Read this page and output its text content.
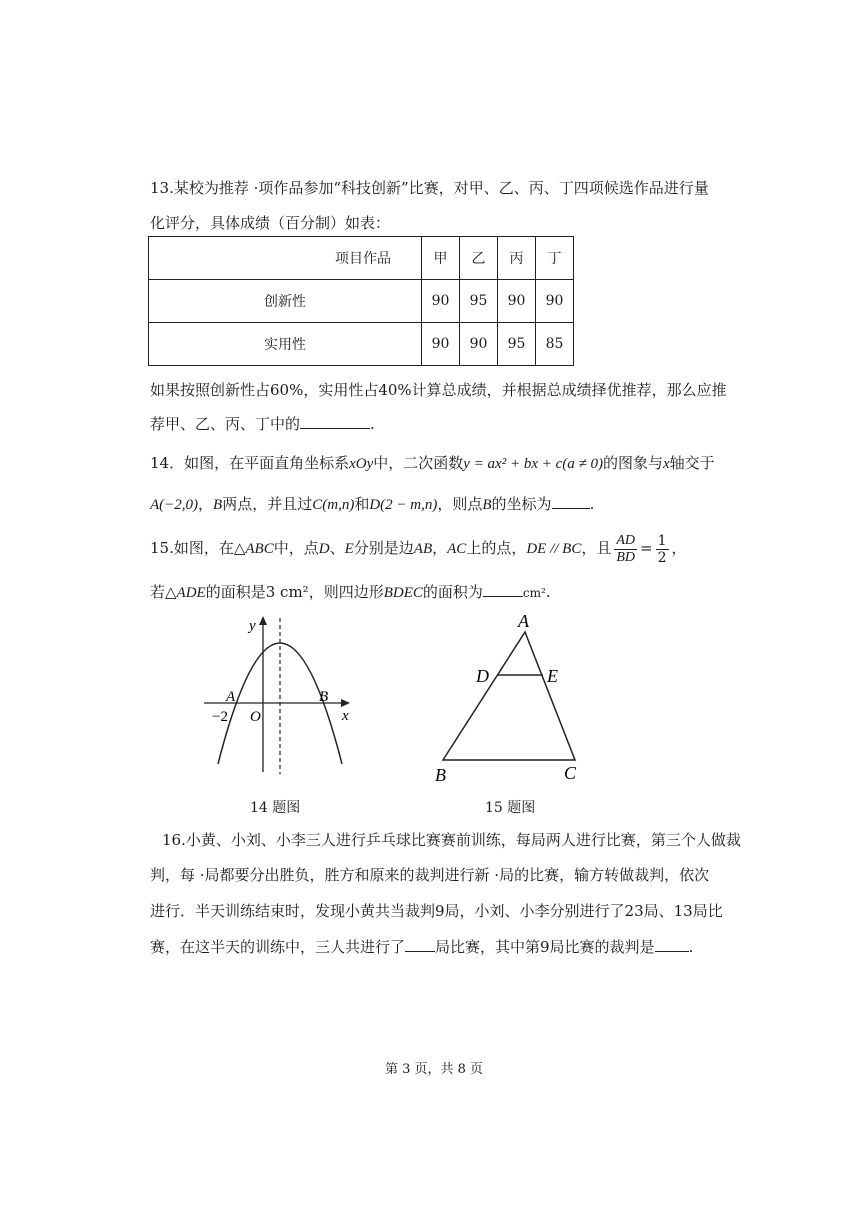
13.某校为推荐 ·项作品参加“科技创新”比赛，对甲、乙、丙、丁四项候选作品进行量
化评分，具体成绩（百分制）如表：
项目作品	甲	乙	丙	丁
创新性	90	95	90	90
实用性	90	90	95	85
如果按照创新性占60%，实用性占40%计算总成绩，并根据总成绩择优推荐，那么应推
荐甲、乙、丙、丁中的	.
14．如图，在平面直角坐标系xOy中，二次函数y = ax² + bx + c(a ≠ 0)的图象与x轴交于
A(−2,0)，B两点，并且过C(m,n)和D(2 − m,n)，则点B的坐标为	.
15.如图，在△ABC中，点D、E分别是边AB，AC上的点，DE // BC，且 $\frac{AD}{BD} = \frac{1}{2}$ ，
若△ADE的面积是3 cm²，则四边形BDEC的面积为	cm².
y
x
A	B
O
−2
14 题图
A
B	C
D	E
15 题图
16.小黄、小刘、小李三人进行乒乓球比赛赛前训练，每局两人进行比赛，第三个人做裁
判，每 ·局都要分出胜负，胜方和原来的裁判进行新 ·局的比赛，输方转做裁判，依次
进行．半天训练结束时，发现小黄共当裁判9局，小刘、小李分别进行了23局、13局比
赛，在这半天的训练中，三人共进行了 局比赛，其中第9局比赛的裁判是 .
第 3 页，共 8 页
